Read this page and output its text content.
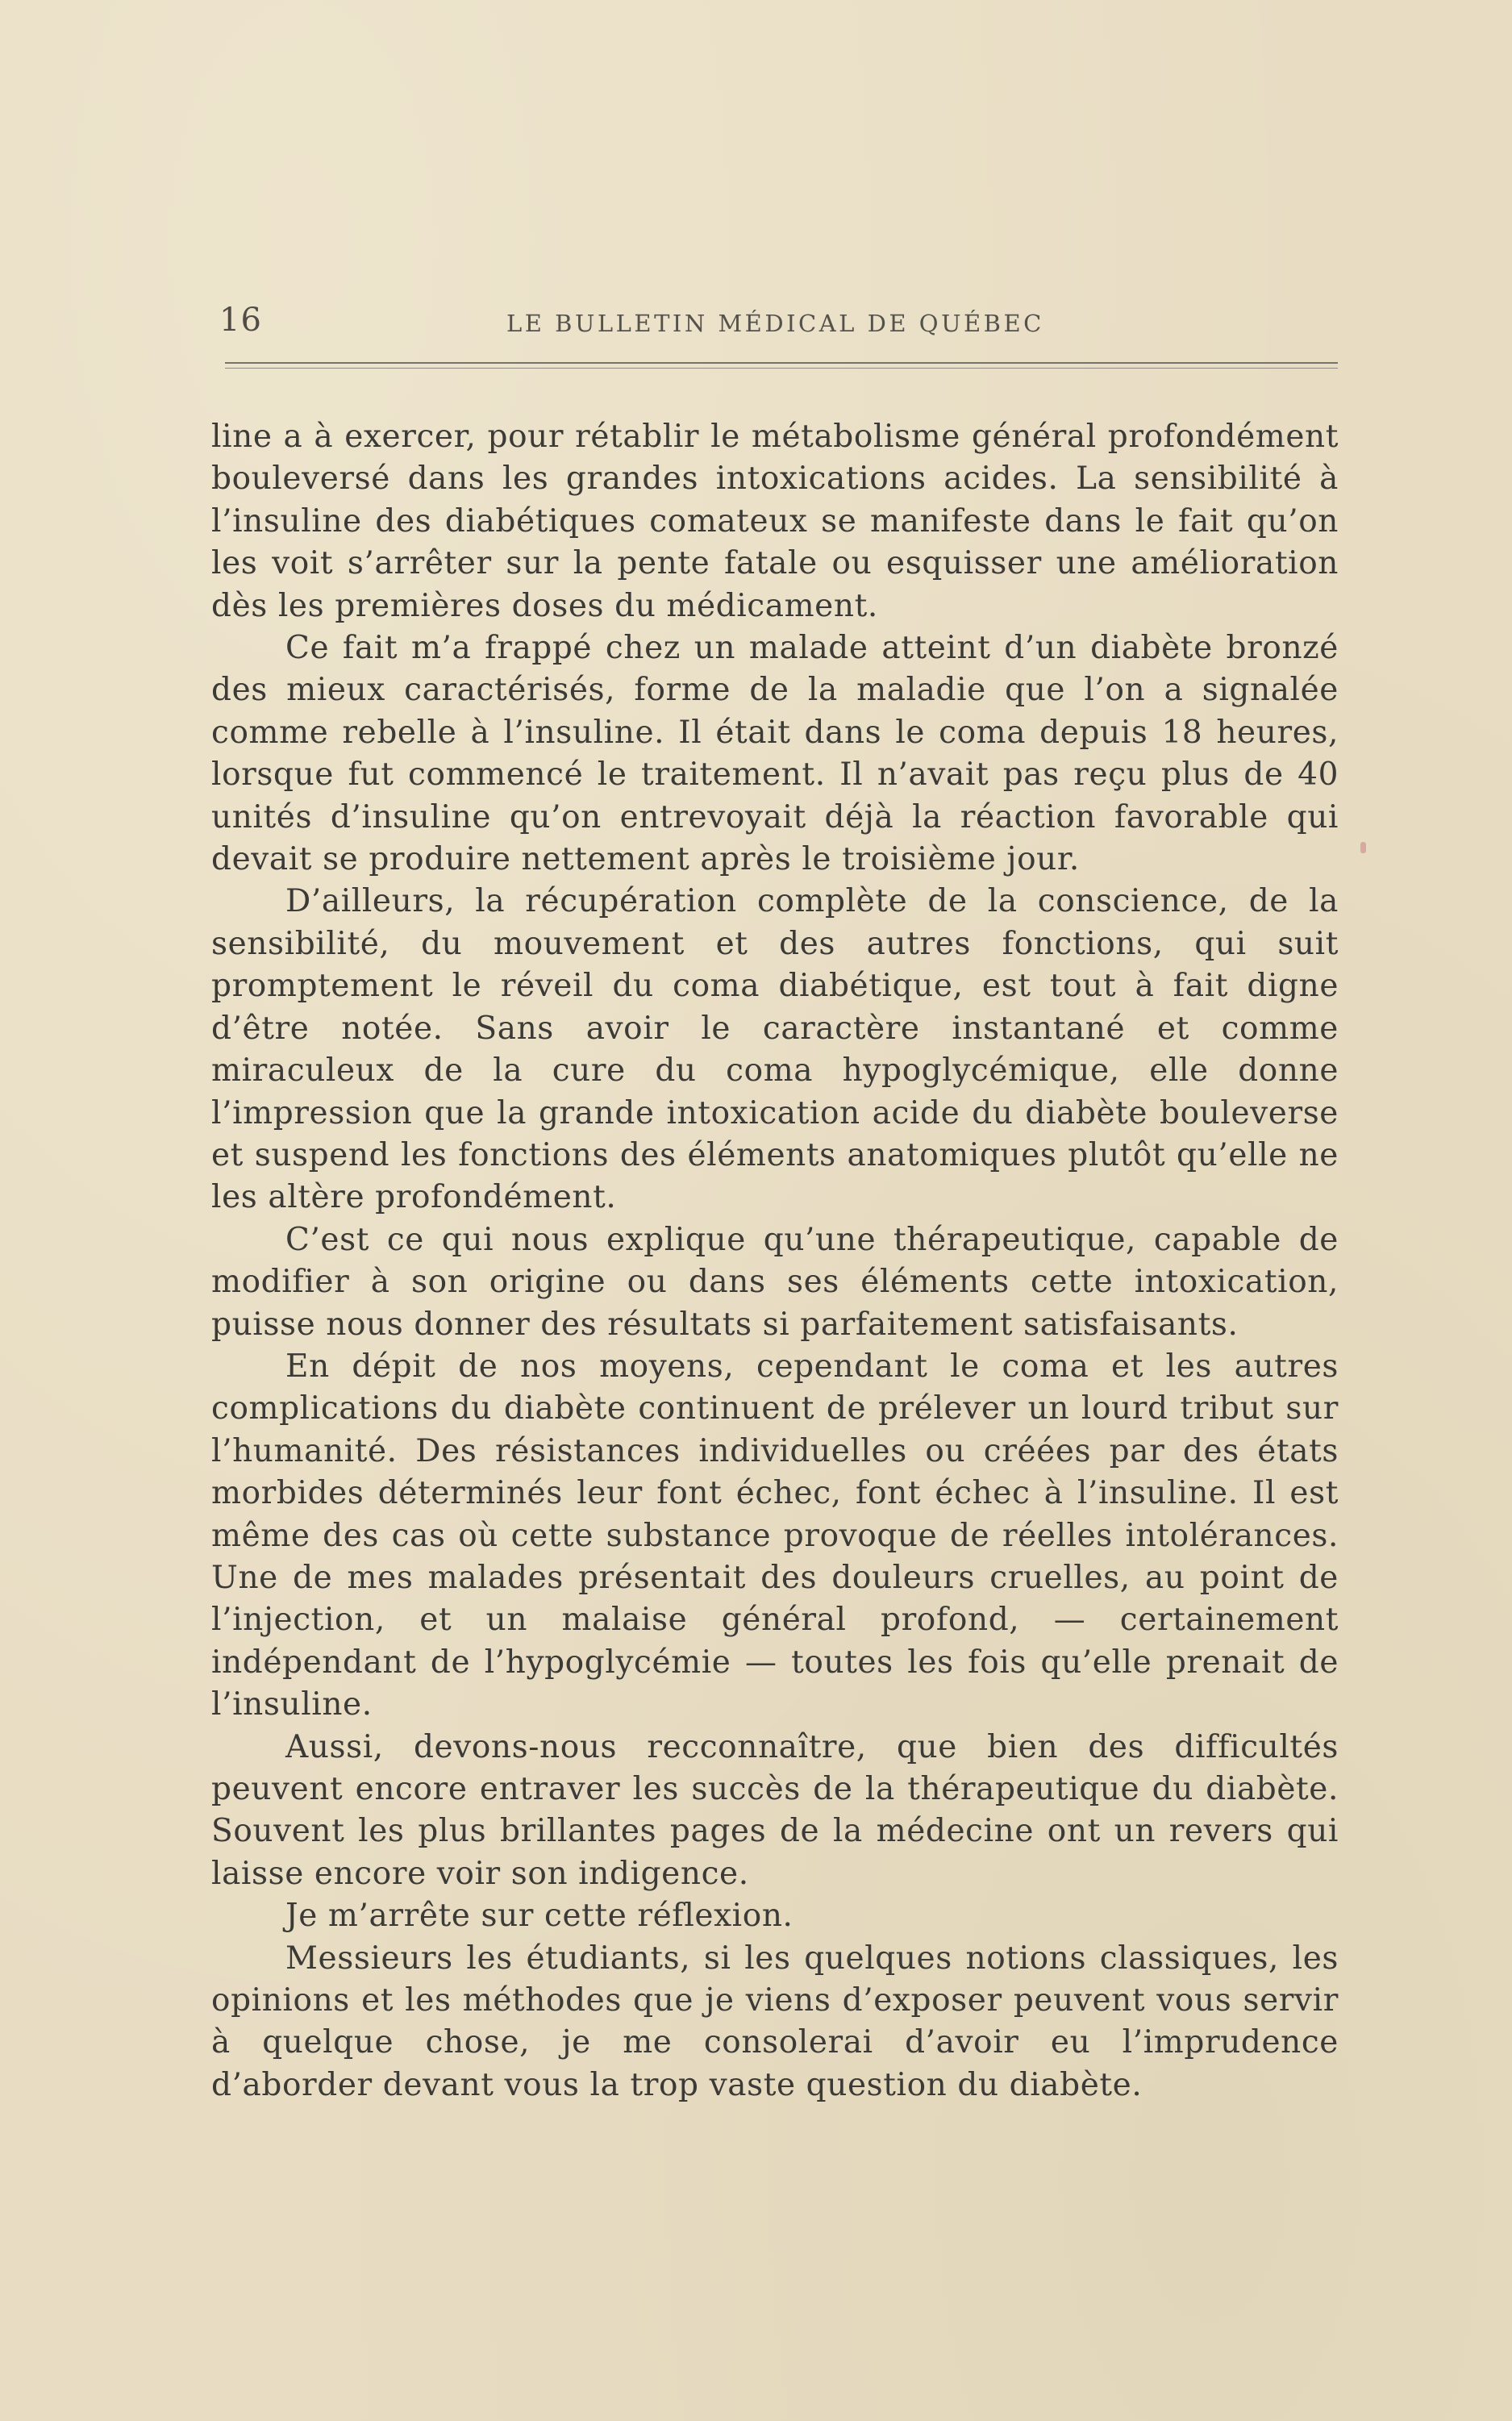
16	LE BULLETIN MÉDICAL DE QUÉBEC

line a à exercer, pour rétablir le métabolisme général profondément bouleversé dans les grandes intoxications acides. La sensibilité à l’insuline des diabétiques comateux se manifeste dans le fait qu’on les voit s’arrêter sur la pente fatale ou esquisser une amélioration dès les premières doses du médicament.

Ce fait m’a frappé chez un malade atteint d’un diabète bronzé des mieux caractérisés, forme de la maladie que l’on a signalée comme rebelle à l’insuline. Il était dans le coma depuis 18 heures, lorsque fut commencé le traitement. Il n’avait pas reçu plus de 40 unités d’insuline qu’on entrevoyait déjà la réaction favorable qui devait se produire nettement après le troisième jour.

D’ailleurs, la récupération complète de la conscience, de la sensibilité, du mouvement et des autres fonctions, qui suit promptement le réveil du coma diabétique, est tout à fait digne d’être notée. Sans avoir le caractère instantané et comme miraculeux de la cure du coma hypoglycémique, elle donne l’impression que la grande intoxication acide du diabète bouleverse et suspend les fonctions des éléments anatomiques plutôt qu’elle ne les altère profondément.

C’est ce qui nous explique qu’une thérapeutique, capable de modifier à son origine ou dans ses éléments cette intoxication, puisse nous donner des résultats si parfaitement satisfaisants.

En dépit de nos moyens, cependant le coma et les autres complications du diabète continuent de prélever un lourd tribut sur l’humanité. Des résistances individuelles ou créées par des états morbides déterminés leur font échec, font échec à l’insuline. Il est même des cas où cette substance provoque de réelles intolérances. Une de mes malades présentait des douleurs cruelles, au point de l’injection, et un malaise général profond, — certainement indépendant de l’hypoglycémie — toutes les fois qu’elle prenait de l’insuline.

Aussi, devons-nous recconnaître, que bien des difficultés peuvent encore entraver les succès de la thérapeutique du diabète. Souvent les plus brillantes pages de la médecine ont un revers qui laisse encore voir son indigence.

Je m’arrête sur cette réflexion.

Messieurs les étudiants, si les quelques notions classiques, les opinions et les méthodes que je viens d’exposer peuvent vous servir à quelque chose, je me consolerai d’avoir eu l’imprudence d’aborder devant vous la trop vaste question du diabète.
